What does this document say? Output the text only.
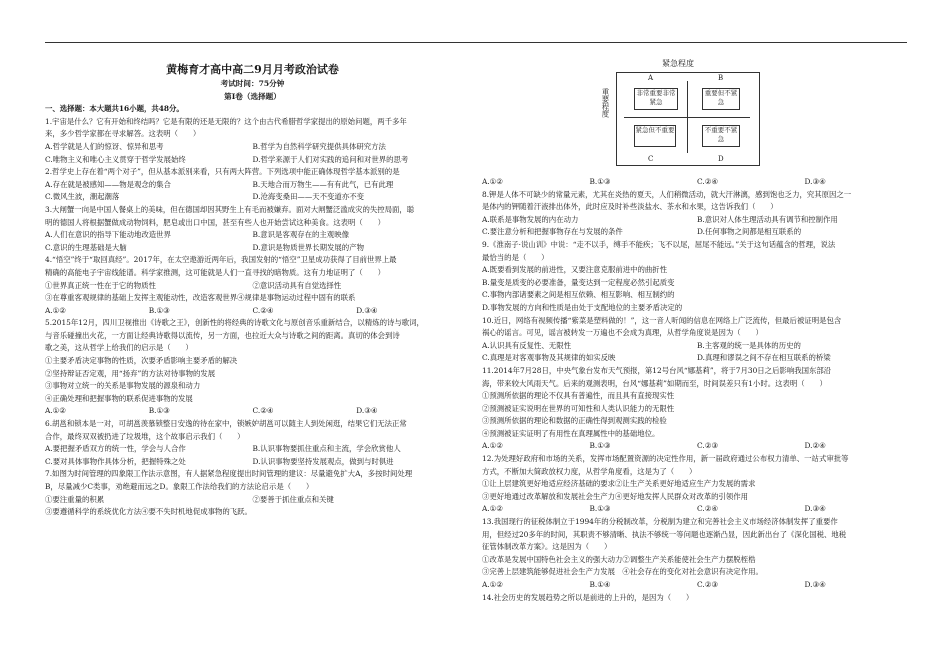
黄梅育才高中高二9月月考政治试卷

考试时间：75分钟

第Ⅰ卷（选择题）

一、选择题：本大题共16小题，共48分。

1.宇宙是什么？它有开始和终结吗？它是有限的还是无限的？这个由古代希腊哲学家提出的原始问题，两千多年

来，多少哲学家都在寻求解答。这表明（　　）

A.哲学就是人们的惊讶、惊异和思考	B.哲学为自然科学研究提供具体研究方法
C.唯物主义和唯心主义贯穿于哲学发展始终	D.哲学来源于人们对实践的追问和对世界的思考

2.哲学史上存在着“两个对子”，但从基本派别来看，只有两大阵营。下列选项中能正确体现哲学基本派别的是

A.存在就是被感知——物是观念的集合	B.天地合而万物生——有有此气，已有此理
C.微风生波，潮起潮落	D.沧海变桑田——天不变道亦不变

3.大闸蟹一向是中国人餐桌上的美味，但在德国却因其野生上有毛而被嫌弃。面对大闸蟹泛滥成灾的失控局面，聪

明的德国人将根据蟹做成动物饲料，肥皂或出口中国，甚至有些人也开始尝试这种美食。这表明（　　）

A.人们在意识的指导下能动地改造世界	B.意识是客观存在的主观映像
C.意识的生理基础是大脑	D.意识是物质世界长期发展的产物

4.“悟空”终于“取回真经”。2017年，在太空遨游近两年后，我国发射的“悟空”卫星成功获得了目前世界上最

精确的高能电子宇宙线能谱。科学家推测，这可能就是人们一直寻找的暗物质。这有力地证明了（　　）

①世界真正统一性在于它的物质性	②意识活动具有自觉选择性

③在尊重客观规律的基础上发挥主观能动性，改造客观世界④规律是事物运动过程中固有的联系

A.①②	B.①③	C.②④	D.③④

5.2015年12月，四川卫视推出《诗歌之王》，创新性的将经典的诗歌文化与原创音乐重新结合，以精炼的诗与歌词，

与音乐碰撞出火花，一方面让经典诗歌得以流传，另一方面，也拉近大众与诗歌之间的距离。真切的体会到诗

歌之美，这从哲学上给我们的启示是（　　）

①主要矛盾决定事物的性质，次要矛盾影响主要矛盾的解决

②坚持辩证否定观，用“扬弃”的方法对待事物的发展

③事物对立统一的关系是事物发展的源泉和动力

④正确处理和把握事物的联系促进事物的发展

A.①②	B.①③	C.②④	D.③④

6.胡邕和锁本是一对，可胡邕羡慕锁整日安逸的待在家中，锁嫉妒胡邕可以随主人到处闲逛，结果它们无法正常

合作，最终双双被扔进了垃圾堆，这个故事启示我们（　　）

A.要把握矛盾双方的统一性，学会与人合作	B.认识事物要抓住重点和主流，学会欣赏他人
C.要对具体事物作具体分析，把握特殊之处	D.认识事物要坚持发展观点，做到与时俱进

7.如图为时间管理的四象限工作法示意图，有人据紧急程度提出时间管理的建议：尽量避免扩大A，多按时间处理

B，尽量减少C类事，劝绝避而远之D。象限工作法给我们的方法论启示是（　　）

①要注重量的积累	②要善于抓住重点和关键

③要遵循科学的系统优化方法④要不失时机地促成事物的飞跃。

紧急程度
重要程度
A	B
非常重要非常紧急
重要但不紧急
紧急但不重要	不重要不紧急
C	D
A.①②	B.①③	C.②④	D.③④

8.钾是人体不可缺少的常量元素，尤其在炎热的夏天，人们稍微活动，就大汗淋漓，感到饱也乏力，究其原因之一

是体内的钾随着汗液排出体外，此时应及时补些淡盐水、茶水和水果，这告诉我们（　　）

A.联系是事物发展的内在动力	B.意识对人体生理活动具有调节和控制作用
C.要注意分析和把握事物存在与发展的条件	D.任何事物之间都是相互联系的

9.《淮南子·说山训》中说：“走不以手，缚手不能疾；飞不以尾，屈尾不能远。”关于这句话蕴含的哲理，说法

最恰当的是（　　）

A.既要看到发展的前进性，又要注意克服前进中的曲折性

B.量变是质变的必要准备，量变达到一定程度必然引起质变

C.事物内部诸要素之间是相互依赖、相互影响、相互制约的

D.事物发展的方向和性质是由处于支配地位的主要矛盾决定的

10.近日，网络有视频传播“紫菜是塑料做的！”，这一音人听闻的信息在网络上广泛流传，但最后被证明是包含

祸心的谣言。可见，谣言被转发一万遍也不会成为真理，从哲学角度说是因为（　　）

A.认识具有反复性、无限性	B.主客观的统一是具体的历史的
C.真理是对客观事物及其规律的如实反映	D.真理和谬误之间不存在相互联系的桥梁

11.2014年7月28日，中央气象台发布天气预报，第12号台风“娜基莉”，将于7月30日之后影响我国东部沿

海，带来较大风雨天气。后来的观测表明，台风“娜基莉”如期而至，时间误差只有1小时。这表明（　　）

①预测所依据的理论不仅具有普遍性，而且具有直接现实性

②预测被证实说明在世界的可知性和人类认识能力的无限性

③预测所依据的理论和数据的正确性得到观测实践的检验

④预测被证实证明了有用性在真理属性中的基础地位。

A.①②	B.①③	C.②③	D.②④

12.为处理好政府和市场的关系，发挥市场配置资源的决定性作用，新一届政府通过公布权力清单、一站式审批等

方式，不断加大简政放权力度，从哲学角度看，这是为了（　　）

①让上层建筑更好地适应经济基础的要求②让生产关系更好地适应生产力发展的需求

③更好地通过改革解放和发展社会生产力④更好地发挥人民群众对改革的引领作用

A.①②	B.①③	C.②④	D.③④

13.我国现行的征税体制立于1994年的分税制改革，分税制为建立和完善社会主义市场经济体制发挥了重要作

用，但经过20多年的时间，其职责不够清晰、执法不够统一等问题也逐渐凸显，因此新出台了《深化国税、地税

征管体制改革方案》。这是因为（　　）

①改革是发展中国特色社会主义的强大动力②调整生产关系能使社会生产力摆脱桎梏

③完善上层建筑能够促进社会生产力发展　④社会存在的变化对社会意识有决定作用。

A.①②	B.①④	C.②③	D.③④

14.社会历史的发展趋势之所以是前进的上升的，是因为（　　）
